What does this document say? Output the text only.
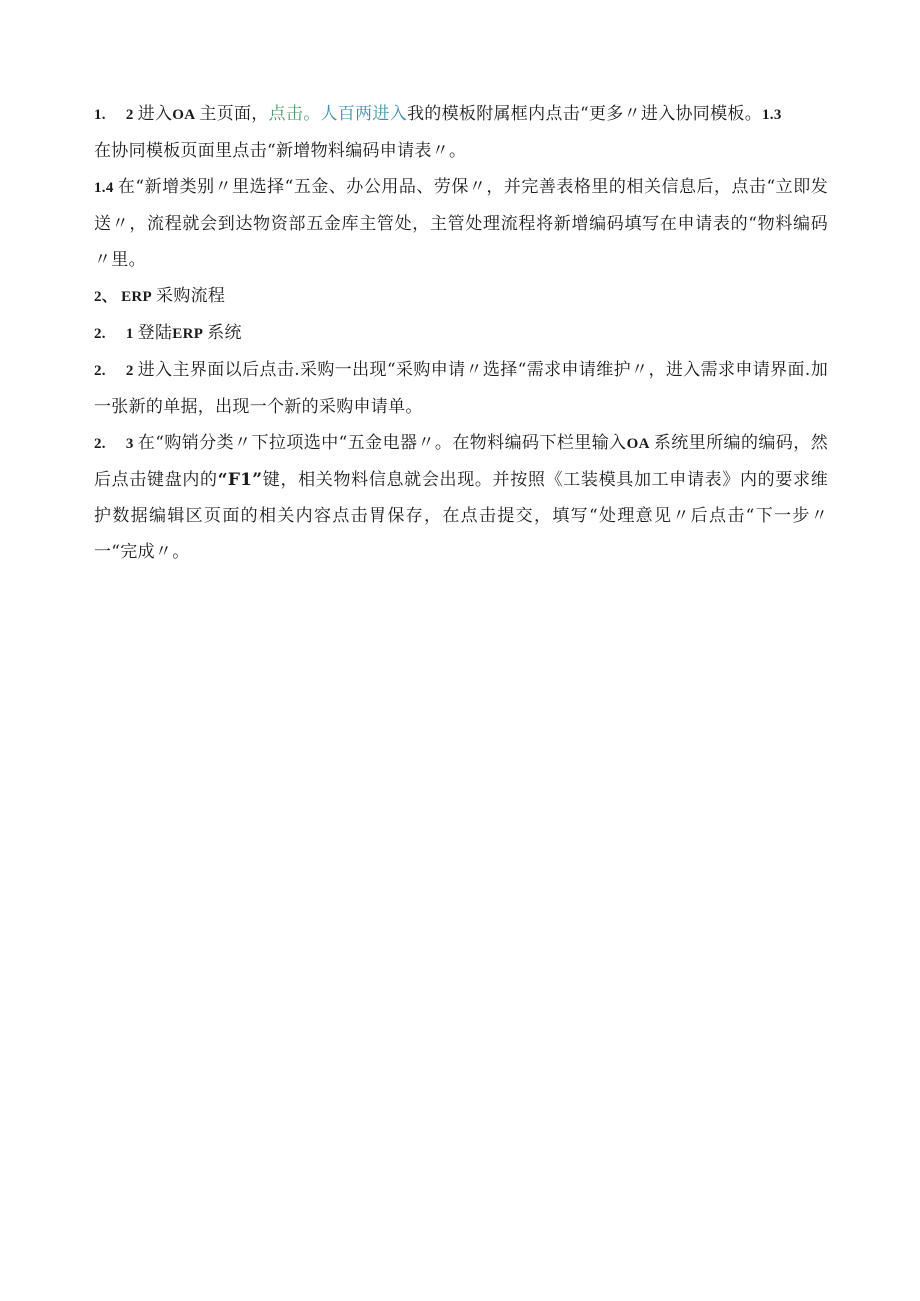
1. 2 进入OA 主页面，点击。人百两进入我的模板附属框内点击“更多〃进入协同模板。1.3
在协同模板页面里点击“新增物料编码申请表〃。

1.4 在“新增类别〃里选择“五金、办公用品、劳保〃，并完善表格里的相关信息后，点击“立即发送〃，流程就会到达物资部五金库主管处，主管处理流程将新增编码填写在申请表的“物料编码〃里。

2、 ERP 采购流程

2. 1 登陆ERP 系统

2. 2 进入主界面以后点击.采购一出现“采购申请〃选择“需求申请维护〃，进入需求申请界面.加一张新的单据，出现一个新的采购申请单。

2. 3 在“购销分类〃下拉项选中“五金电器〃。在物料编码下栏里输入OA 系统里所编的编码，然后点击键盘内的“F1”键，相关物料信息就会出现。并按照《工装模具加工申请表》内的要求维护数据编辑区页面的相关内容点击胃保存，在点击提交，填写“处理意见〃后点击“下一步〃一“完成〃。
